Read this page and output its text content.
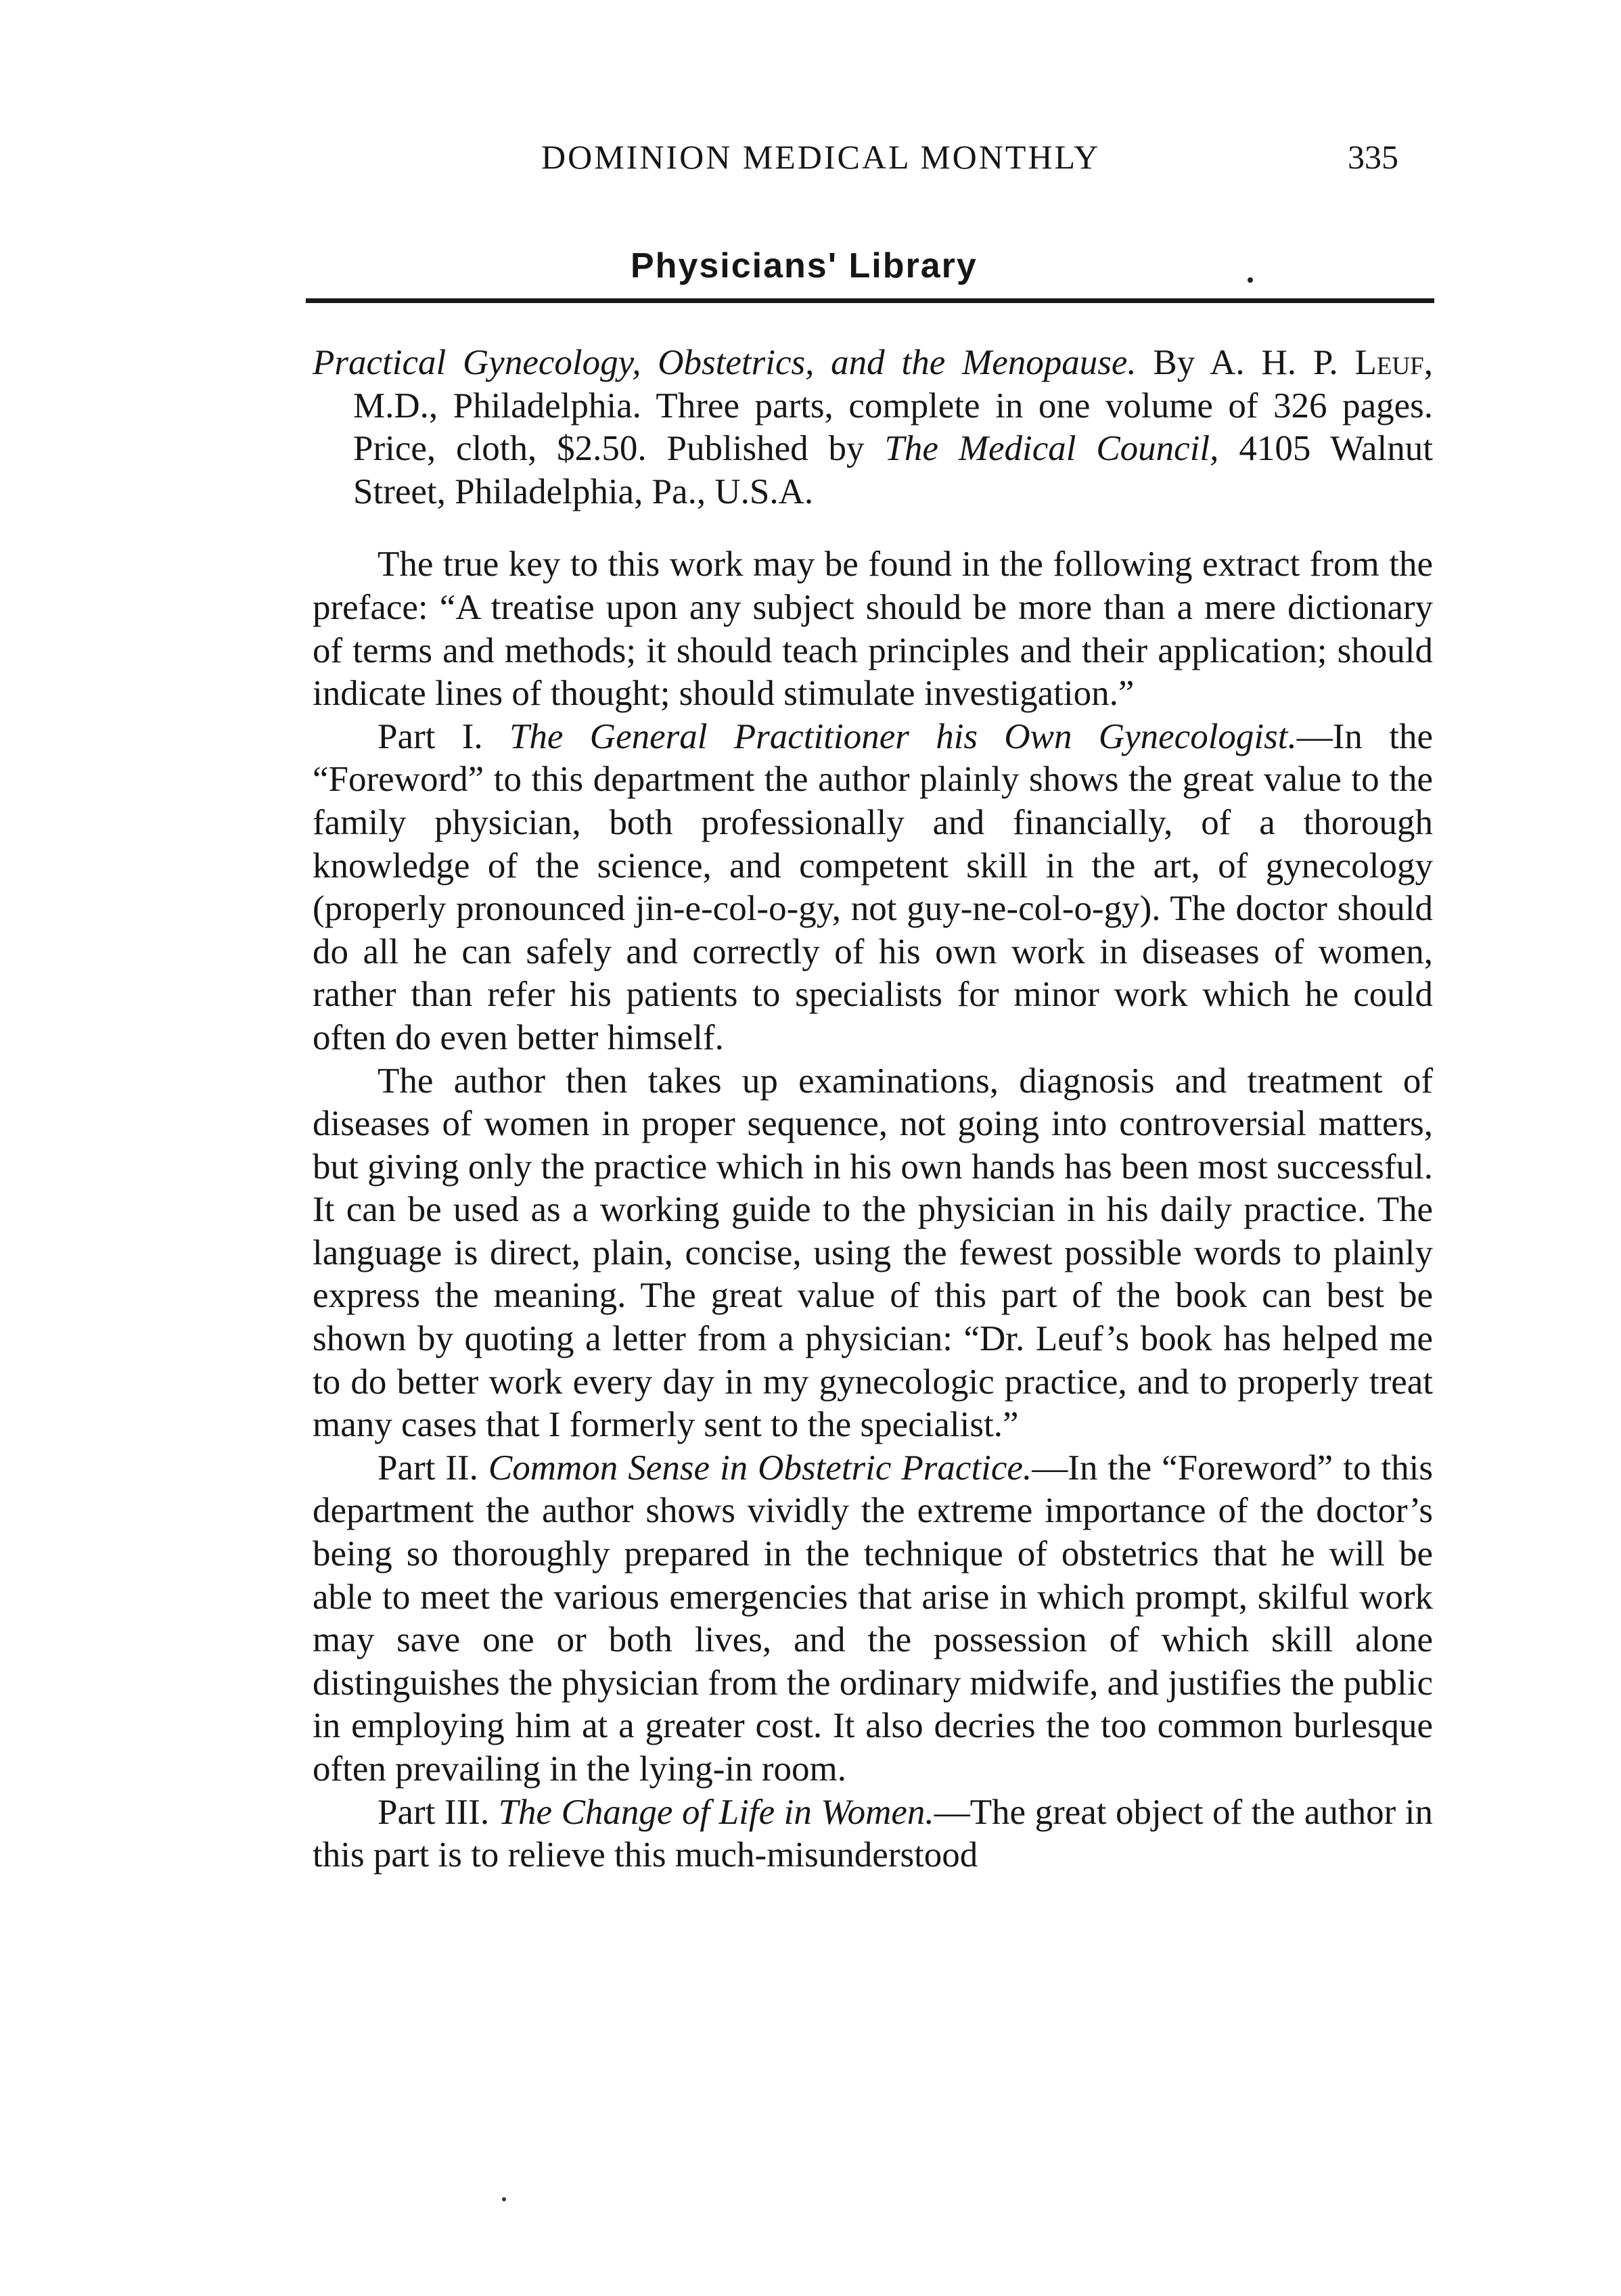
DOMINION MEDICAL MONTHLY	335
Physicians' Library

Practical Gynecology, Obstetrics, and the Menopause. By A. H. P. Leuf, M.D., Philadelphia. Three parts, complete in one volume of 326 pages. Price, cloth, $2.50. Published by The Medical Council, 4105 Walnut Street, Philadelphia, Pa., U.S.A.

The true key to this work may be found in the following extract from the preface: “A treatise upon any subject should be more than a mere dictionary of terms and methods; it should teach principles and their application; should indicate lines of thought; should stimulate investigation.”

Part I. The General Practitioner his Own Gynecologist.—In the “Foreword” to this department the author plainly shows the great value to the family physician, both professionally and financially, of a thorough knowledge of the science, and competent skill in the art, of gynecology (properly pronounced jin-e-col-o-gy, not guy-ne-col-o-gy). The doctor should do all he can safely and correctly of his own work in diseases of women, rather than refer his patients to specialists for minor work which he could often do even better himself.

The author then takes up examinations, diagnosis and treatment of diseases of women in proper sequence, not going into controversial matters, but giving only the practice which in his own hands has been most successful. It can be used as a working guide to the physician in his daily practice. The language is direct, plain, concise, using the fewest possible words to plainly express the meaning. The great value of this part of the book can best be shown by quoting a letter from a physician: “Dr. Leuf’s book has helped me to do better work every day in my gynecologic practice, and to properly treat many cases that I formerly sent to the specialist.”

Part II. Common Sense in Obstetric Practice.—In the “Foreword” to this department the author shows vividly the extreme importance of the doctor’s being so thoroughly prepared in the technique of obstetrics that he will be able to meet the various emergencies that arise in which prompt, skilful work may save one or both lives, and the possession of which skill alone distinguishes the physician from the ordinary midwife, and justifies the public in employing him at a greater cost. It also decries the too common burlesque often prevailing in the lying-in room.

Part III. The Change of Life in Women.—The great object of the author in this part is to relieve this much-misunderstood
